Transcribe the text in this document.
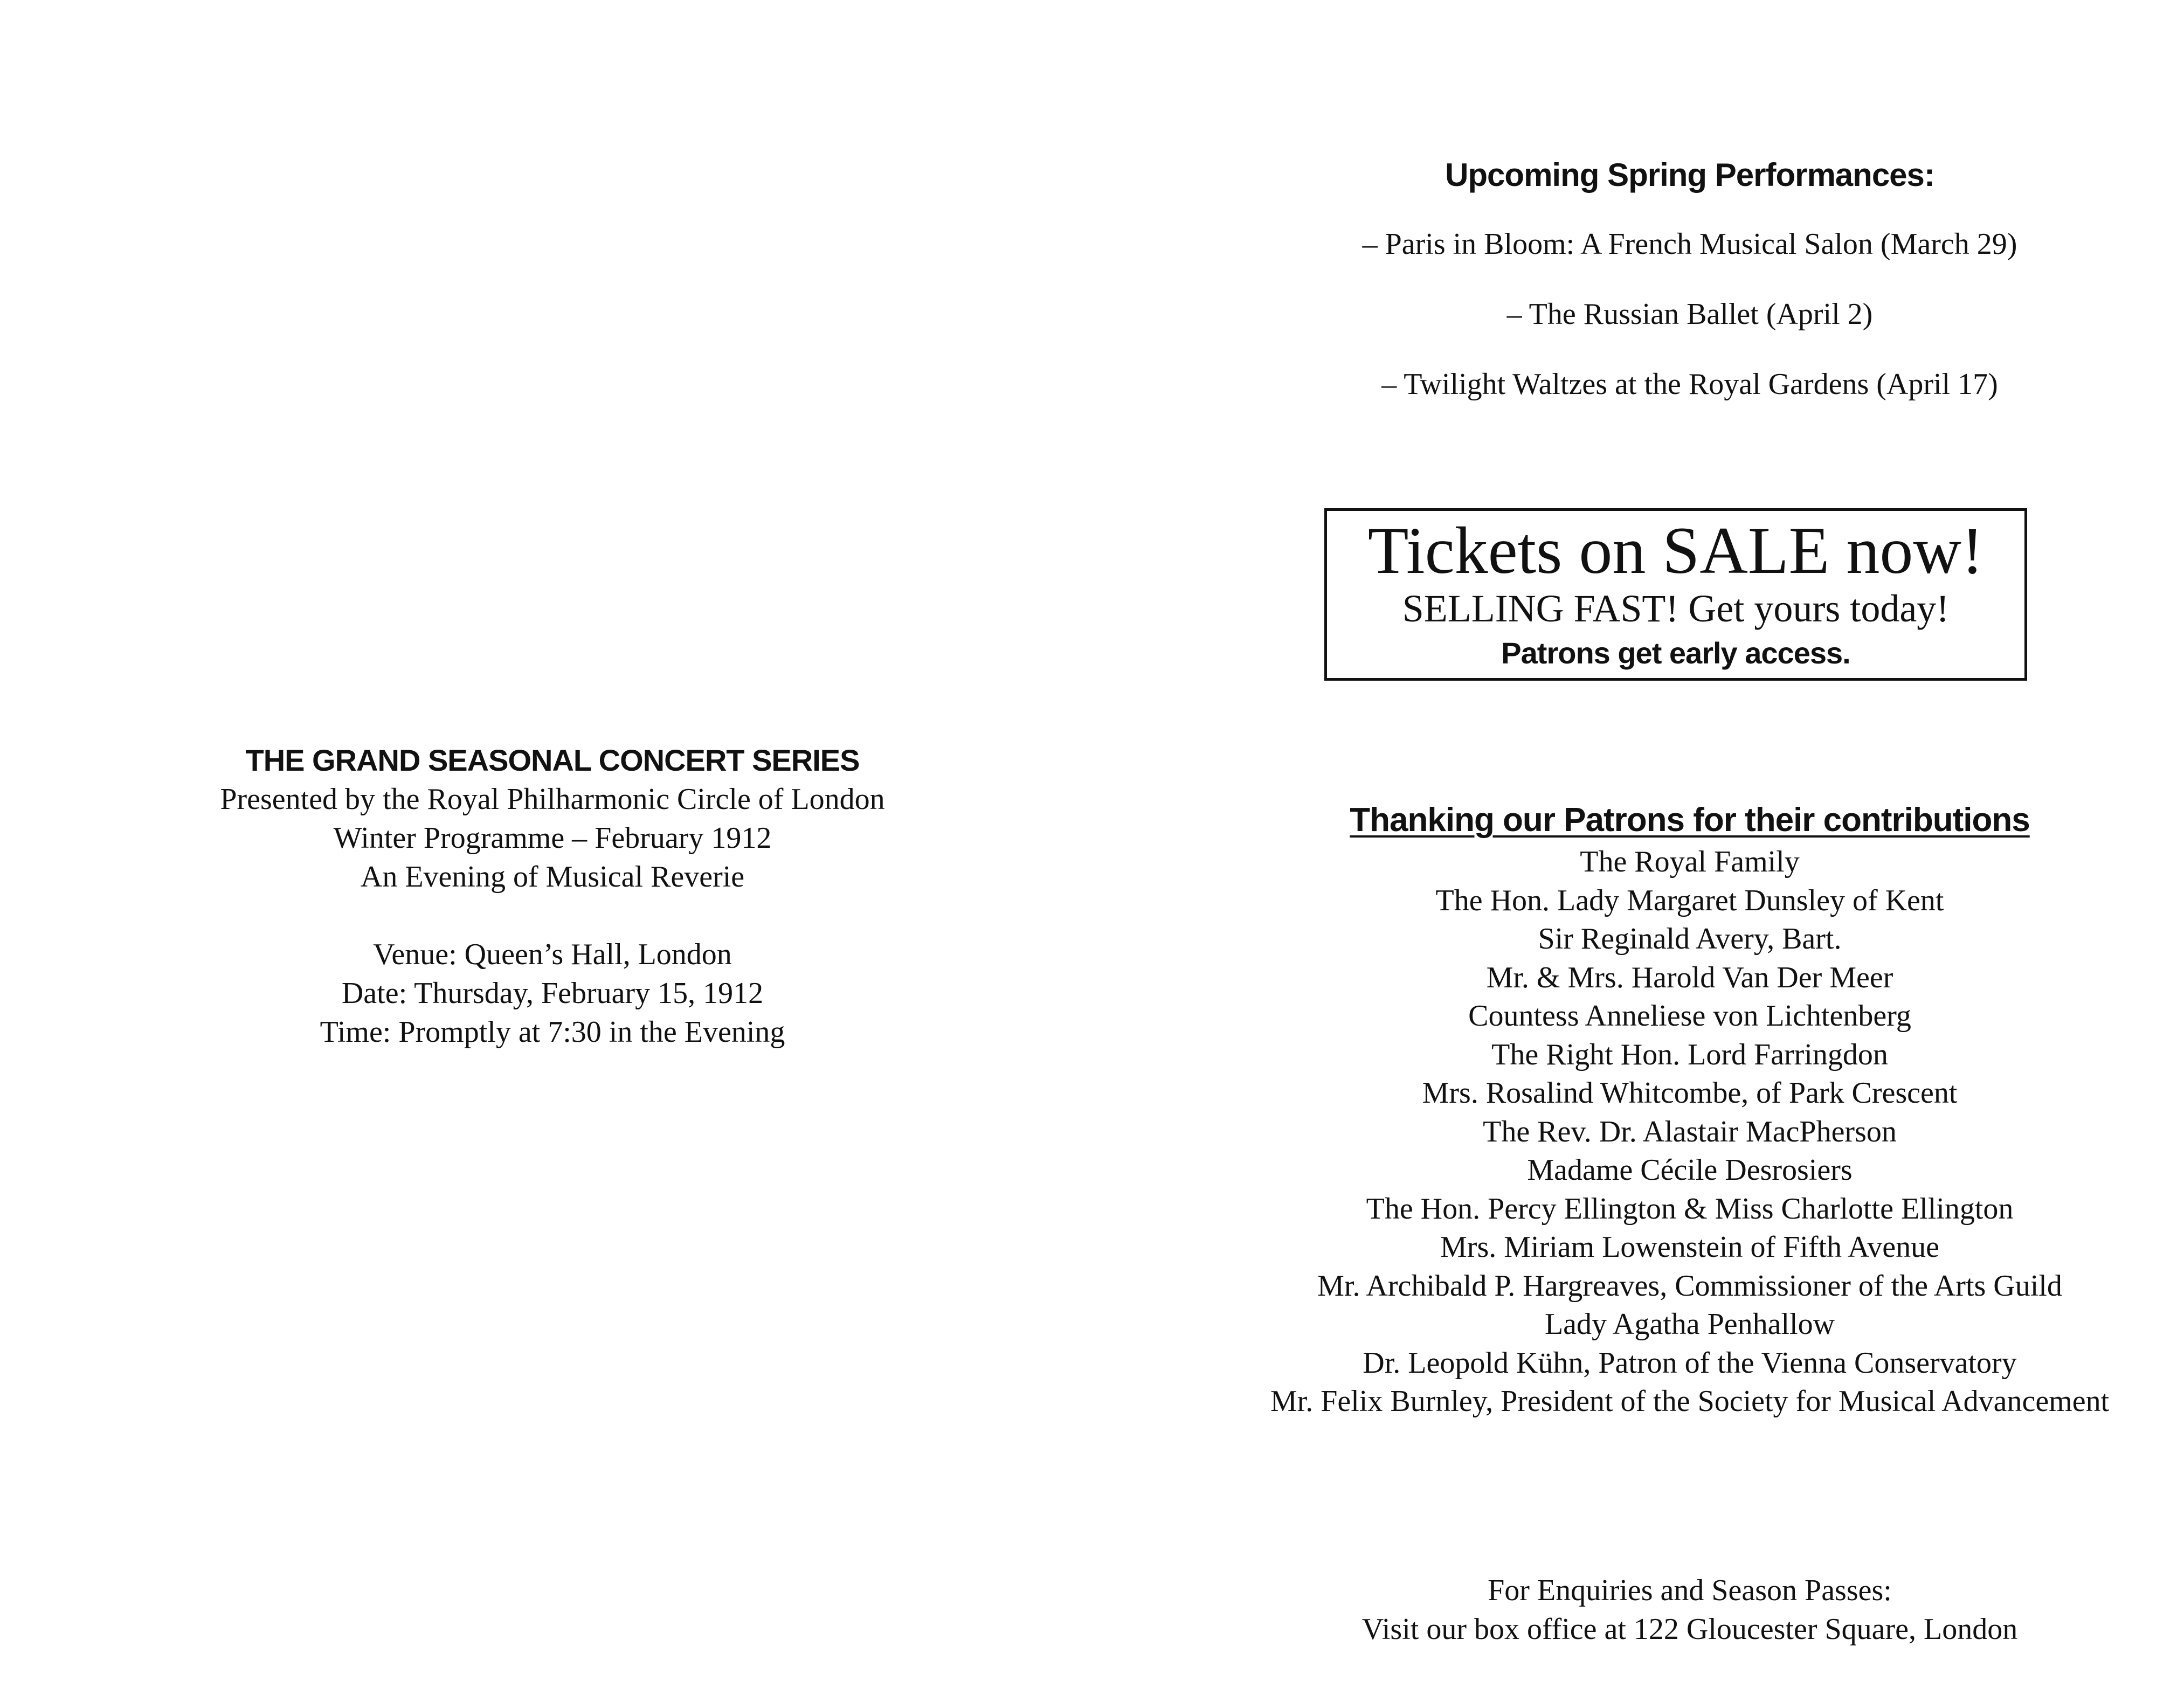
THE GRAND SEASONAL CONCERT SERIES
Presented by the Royal Philharmonic Circle of London
Winter Programme – February 1912
An Evening of Musical Reverie
Venue: Queen’s Hall, London
Date: Thursday, February 15, 1912
Time: Promptly at 7:30 in the Evening
Upcoming Spring Performances:
– Paris in Bloom: A French Musical Salon (March 29)
– The Russian Ballet (April 2)
– Twilight Waltzes at the Royal Gardens (April 17)
Tickets on SALE now!
SELLING FAST! Get yours today!
Patrons get early access.
Thanking our Patrons for their contributions
The Royal Family
The Hon. Lady Margaret Dunsley of Kent
Sir Reginald Avery, Bart.
Mr. & Mrs. Harold Van Der Meer
Countess Anneliese von Lichtenberg
The Right Hon. Lord Farringdon
Mrs. Rosalind Whitcombe, of Park Crescent
The Rev. Dr. Alastair MacPherson
Madame Cécile Desrosiers
The Hon. Percy Ellington & Miss Charlotte Ellington
Mrs. Miriam Lowenstein of Fifth Avenue
Mr. Archibald P. Hargreaves, Commissioner of the Arts Guild
Lady Agatha Penhallow
Dr. Leopold Kühn, Patron of the Vienna Conservatory
Mr. Felix Burnley, President of the Society for Musical Advancement
For Enquiries and Season Passes:
Visit our box office at 122 Gloucester Square, London
